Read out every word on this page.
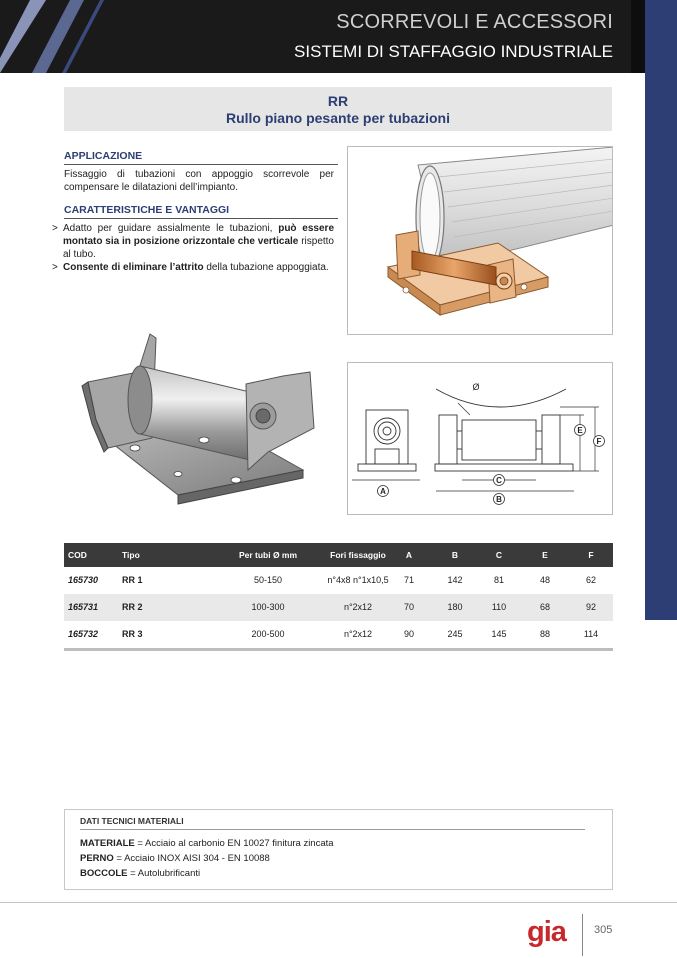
SCORREVOLI E ACCESSORI
SISTEMI DI STAFFAGGIO INDUSTRIALE
RR
Rullo piano pesante per tubazioni
APPLICAZIONE

Fissaggio di tubazioni con appoggio scorrevole per compensare le dilatazioni dell’impianto.

CARATTERISTICHE E VANTAGGI
> Adatto per guidare assialmente le tubazioni, può essere montato sia in posizione orizzontale che verticale rispetto al tubo.
> Consente di eliminare l’attrito della tubazione appoggiata.
A
B
C
E
F
Ø
COD	Tipo	Per tubi Ø mm	Fori fissaggio	A	B	C	E	F
165730	RR 1	50-150	n°4x8 n°1x10,5	71	142	81	48	62
165731	RR 2	100-300	n°2x12	70	180	110	68	92
165732	RR 3	200-500	n°2x12	90	245	145	88	114
DATI TECNICI MATERIALI
MATERIALE = Acciaio al carbonio EN 10027 finitura zincata
PERNO = Acciaio INOX AISI 304 - EN 10088
BOCCOLE = Autolubrificanti
gia	305
